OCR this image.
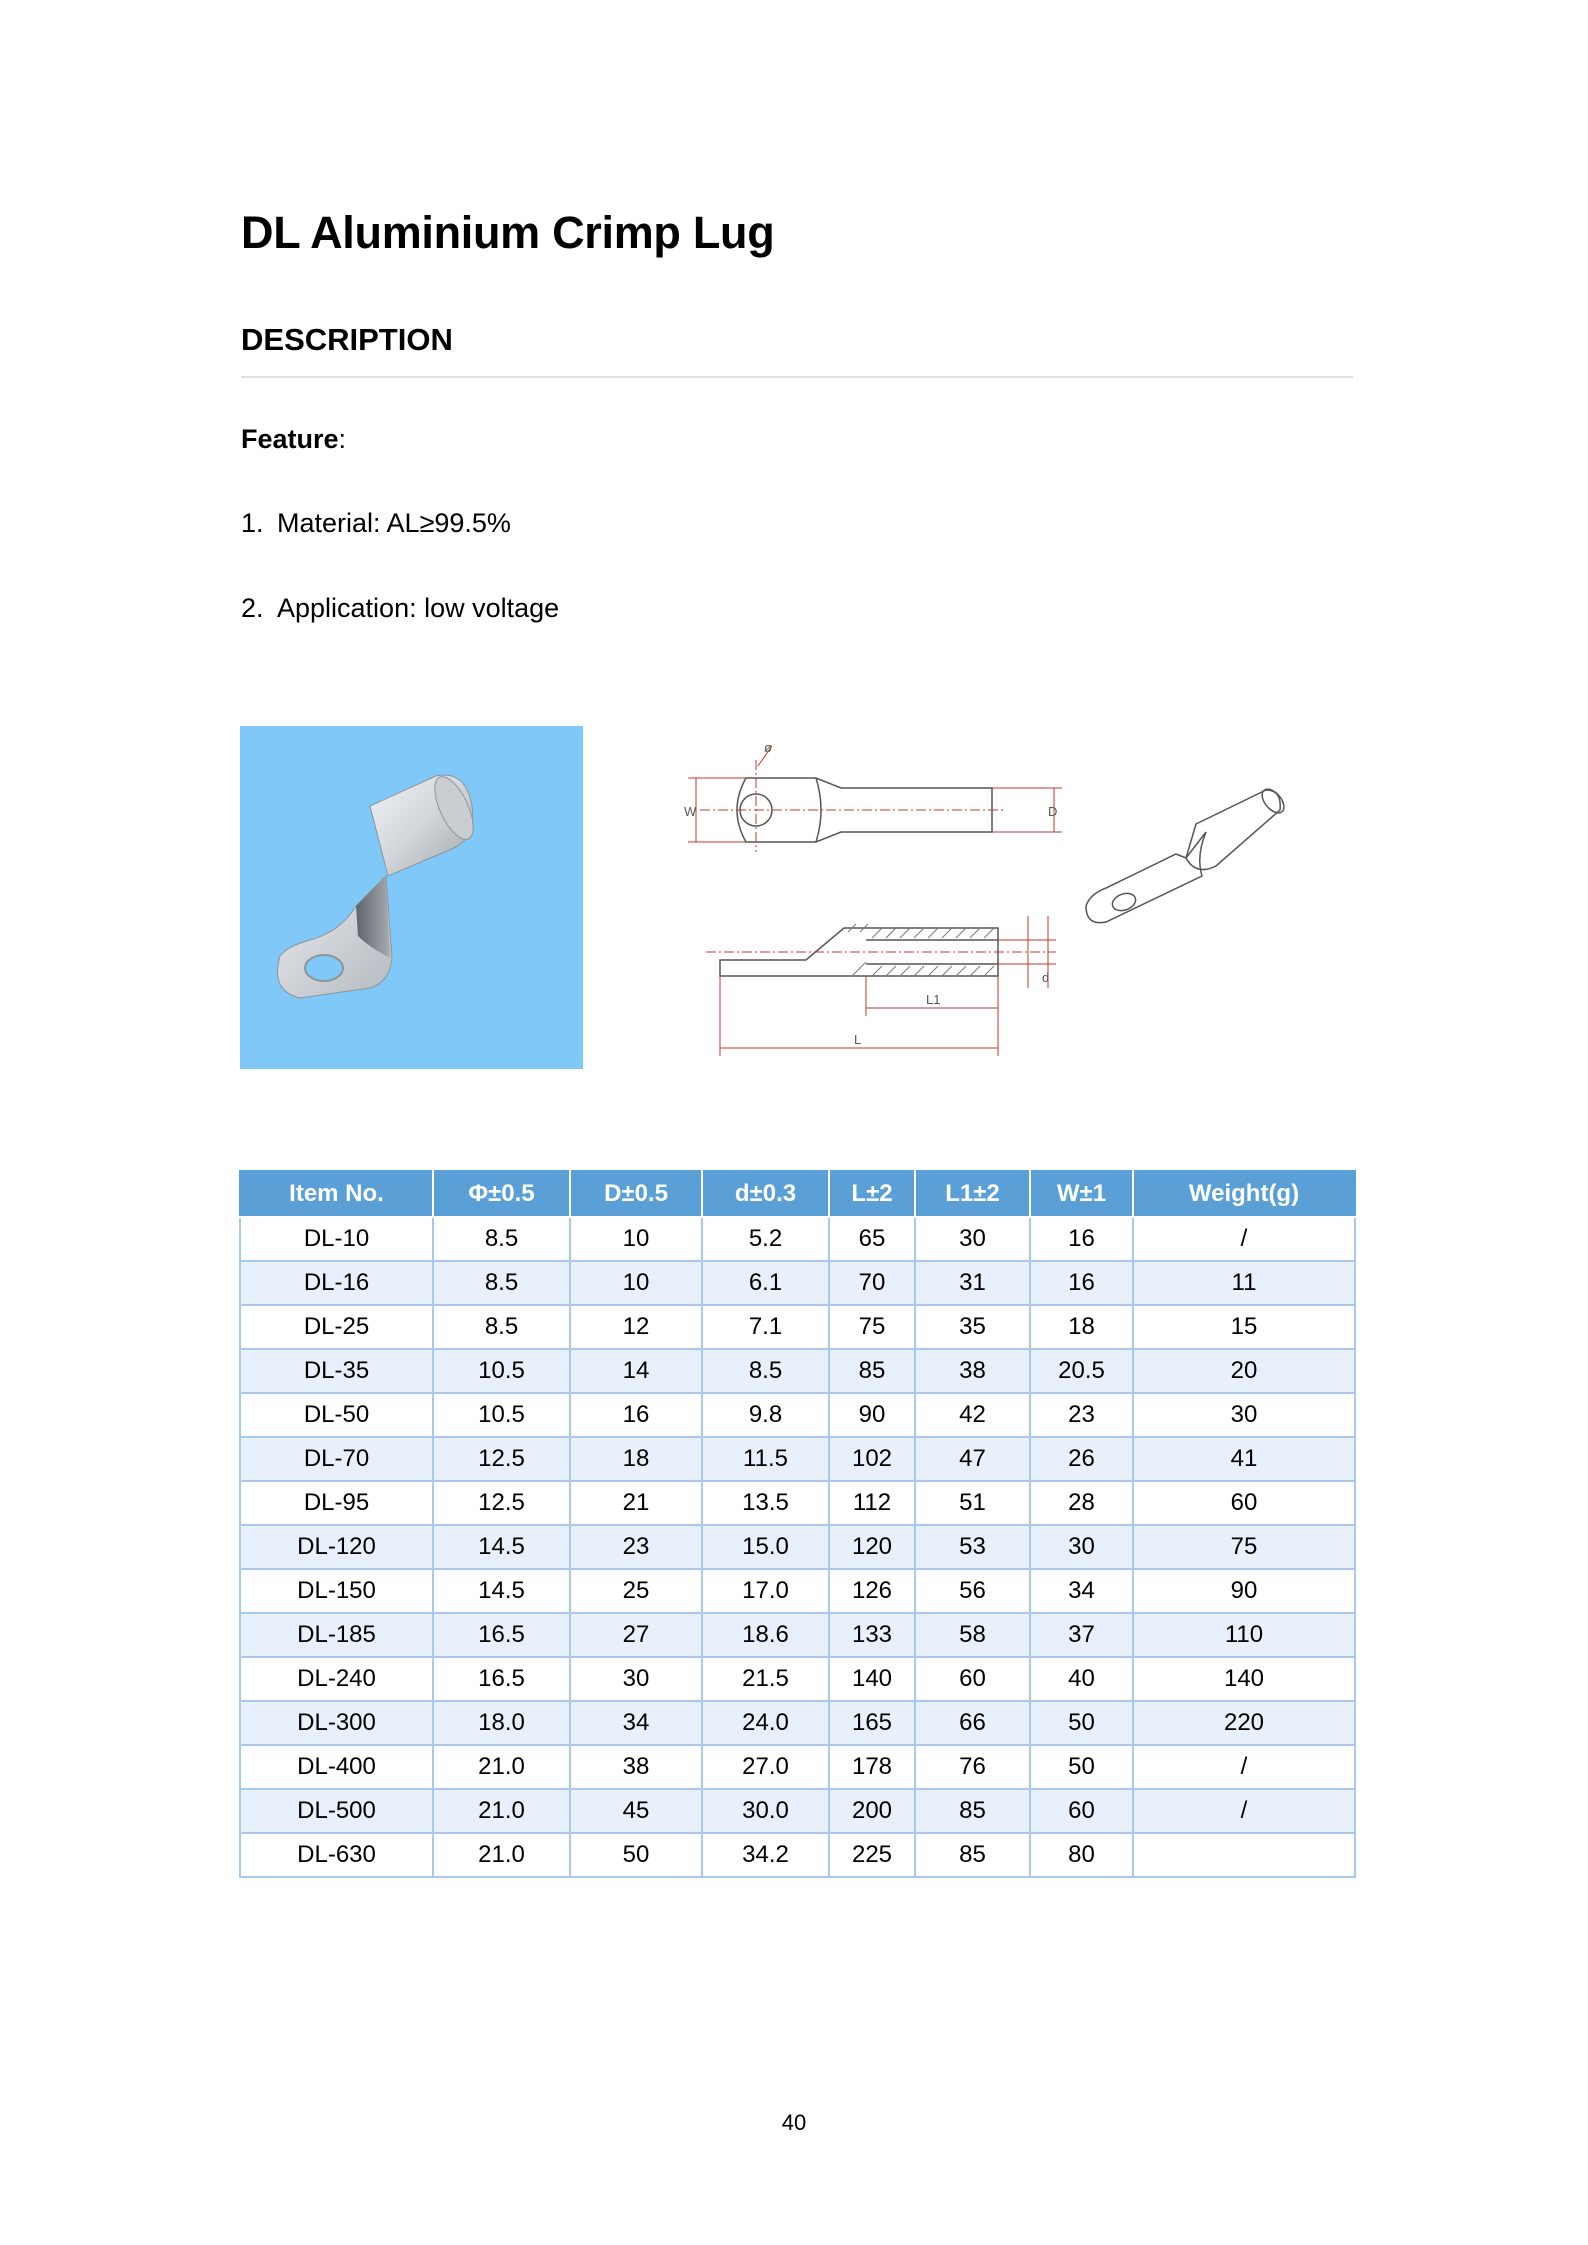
DL Aluminium Crimp Lug
DESCRIPTION
Feature:
1. Material: AL≥99.5%
2. Application: low voltage
ø
W	D
L1
L
d
Item No.	Φ±0.5	D±0.5	d±0.3	L±2	L1±2	W±1	Weight(g)
DL-10	8.5	10	5.2	65	30	16	/
DL-16	8.5	10	6.1	70	31	16	11
DL-25	8.5	12	7.1	75	35	18	15
DL-35	10.5	14	8.5	85	38	20.5	20
DL-50	10.5	16	9.8	90	42	23	30
DL-70	12.5	18	11.5	102	47	26	41
DL-95	12.5	21	13.5	112	51	28	60
DL-120	14.5	23	15.0	120	53	30	75
DL-150	14.5	25	17.0	126	56	34	90
DL-185	16.5	27	18.6	133	58	37	110
DL-240	16.5	30	21.5	140	60	40	140
DL-300	18.0	34	24.0	165	66	50	220
DL-400	21.0	38	27.0	178	76	50	/
DL-500	21.0	45	30.0	200	85	60	/
DL-630	21.0	50	34.2	225	85	80	
40
